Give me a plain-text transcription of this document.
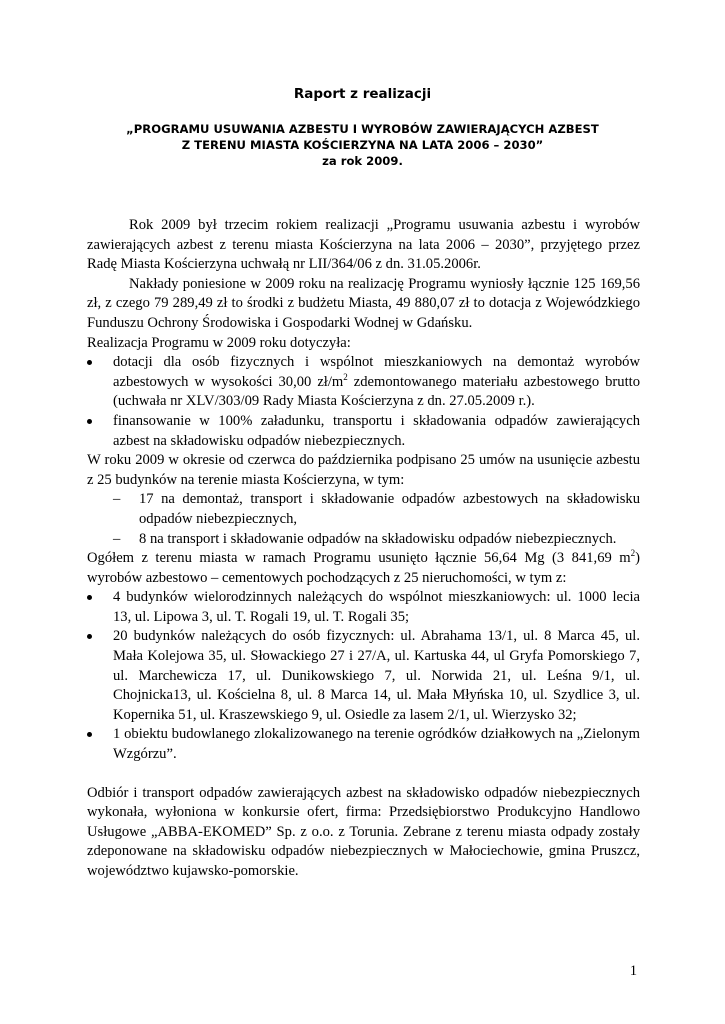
Raport z realizacji
„PROGRAMU USUWANIA AZBESTU I WYROBÓW ZAWIERAJĄCYCH AZBEST
Z TERENU MIASTA KOŚCIERZYNA NA LATA 2006 – 2030”
za rok 2009.

Rok 2009 był trzecim rokiem realizacji „Programu usuwania azbestu i wyrobów zawierających azbest z terenu miasta Kościerzyna na lata 2006 – 2030”, przyjętego przez Radę Miasta Kościerzyna uchwałą nr LII/364/06 z dn. 31.05.2006r.

Nakłady poniesione w 2009 roku na realizację Programu wyniosły łącznie 125 169,56 zł, z czego 79 289,49 zł to środki z budżetu Miasta, 49 880,07 zł to dotacja z Wojewódzkiego Funduszu Ochrony Środowiska i Gospodarki Wodnej w Gdańsku.

Realizacja Programu w 2009 roku dotyczyła:

dotacji dla osób fizycznych i wspólnot mieszkaniowych na demontaż wyrobów azbestowych w wysokości 30,00 $zł/m^2$ zdemontowanego materiału azbestowego brutto (uchwała nr XLV/303/09 Rady Miasta Kościerzyna z dn. 27.05.2009 r.).
finansowanie w 100% załadunku, transportu i składowania odpadów zawierających azbest na składowisku odpadów niebezpiecznych.

W roku 2009 w okresie od czerwca do października podpisano 25 umów na usunięcie azbestu z 25 budynków na terenie miasta Kościerzyna, w tym:

– 17 na demontaż, transport i składowanie odpadów azbestowych na składowisku odpadów niebezpiecznych,
– 8 na transport i składowanie odpadów na składowisku odpadów niebezpiecznych.

Ogółem z terenu miasta w ramach Programu usunięto łącznie 56,64 Mg (3 841,69 $m^2$) wyrobów azbestowo – cementowych pochodzących z 25 nieruchomości, w tym z:

4 budynków wielorodzinnych należących do wspólnot mieszkaniowych: ul. 1000 lecia 13, ul. Lipowa 3, ul. T. Rogali 19, ul. T. Rogali 35;
20 budynków należących do osób fizycznych: ul. Abrahama 13/1, ul. 8 Marca 45, ul. Mała Kolejowa 35, ul. Słowackiego 27 i 27/A, ul. Kartuska 44, ul Gryfa Pomorskiego 7, ul. Marchewicza 17, ul. Dunikowskiego 7, ul. Norwida 21, ul. Leśna 9/1, ul. Chojnicka13, ul. Kościelna 8, ul. 8 Marca 14, ul. Mała Młyńska 10, ul. Szydlice 3, ul. Kopernika 51, ul. Kraszewskiego 9, ul. Osiedle za lasem 2/1, ul. Wierzysko 32;
1 obiektu budowlanego zlokalizowanego na terenie ogródków działkowych na „Zielonym Wzgórzu”.

Odbiór i transport odpadów zawierających azbest na składowisko odpadów niebezpiecznych wykonała, wyłoniona w konkursie ofert, firma: Przedsiębiorstwo Produkcyjno Handlowo Usługowe „ABBA-EKOMED” Sp. z o.o. z Torunia. Zebrane z terenu miasta odpady zostały zdeponowane na składowisku odpadów niebezpiecznych w Małociechowie, gmina Pruszcz, województwo kujawsko-pomorskie.

1
